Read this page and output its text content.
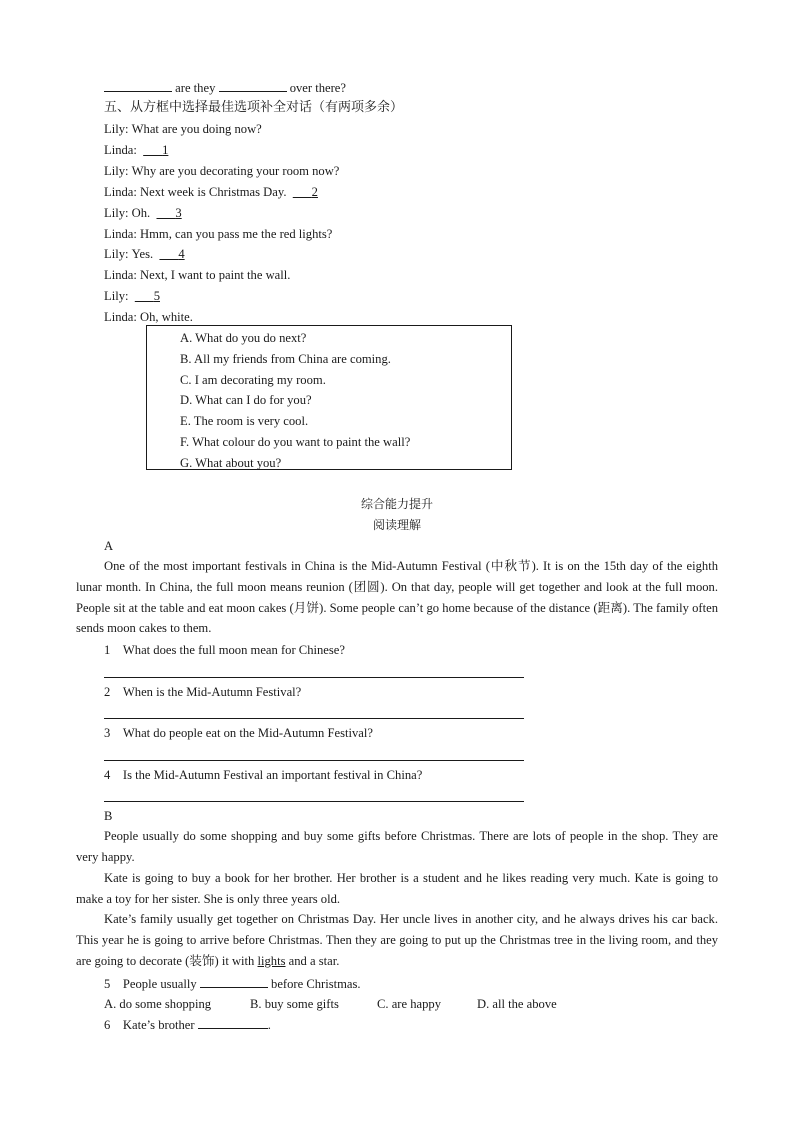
are they	over there?
五、从方框中选择最佳选项补全对话（有两项多余）
Lily: What are you doing now?
Linda: 1
Lily: Why are you decorating your room now?
Linda: Next week is Christmas Day. 2
Lily: Oh. 3
Linda: Hmm, can you pass me the red lights?
Lily: Yes. 4
Linda: Next, I want to paint the wall.
Lily: 5
Linda: Oh, white.
A. What do you do next?
B. All my friends from China are coming.
C. I am decorating my room.
D. What can I do for you?
E. The room is very cool.
F. What colour do you want to paint the wall?
G. What about you?
综合能力提升
阅读理解
A

One of the most important festivals in China is the Mid-Autumn Festival (中秋节). It is on the 15th day of the eighth lunar month. In China, the full moon means reunion (团圆). On that day, people will get together and look at the full moon. People sit at the table and eat moon cakes (月饼). Some people can’t go home because of the distance (距离). The family often sends moon cakes to them.

1 What does the full moon mean for Chinese?
2 When is the Mid-Autumn Festival?
3 What do people eat on the Mid-Autumn Festival?
4 Is the Mid-Autumn Festival an important festival in China?
B

People usually do some shopping and buy some gifts before Christmas. There are lots of people in the shop. They are very happy.

Kate is going to buy a book for her brother. Her brother is a student and he likes reading very much. Kate is going to make a toy for her sister. She is only three years old.

Kate’s family usually get together on Christmas Day. Her uncle lives in another city, and he always drives his car back. This year he is going to arrive before Christmas. Then they are going to put up the Christmas tree in the living room, and they are going to decorate (装饰) it with lights and a star.

5 People usually	before Christmas.
A. do some shopping	B. buy some gifts	C. are happy	D. all the above
6 Kate’s brother	.
